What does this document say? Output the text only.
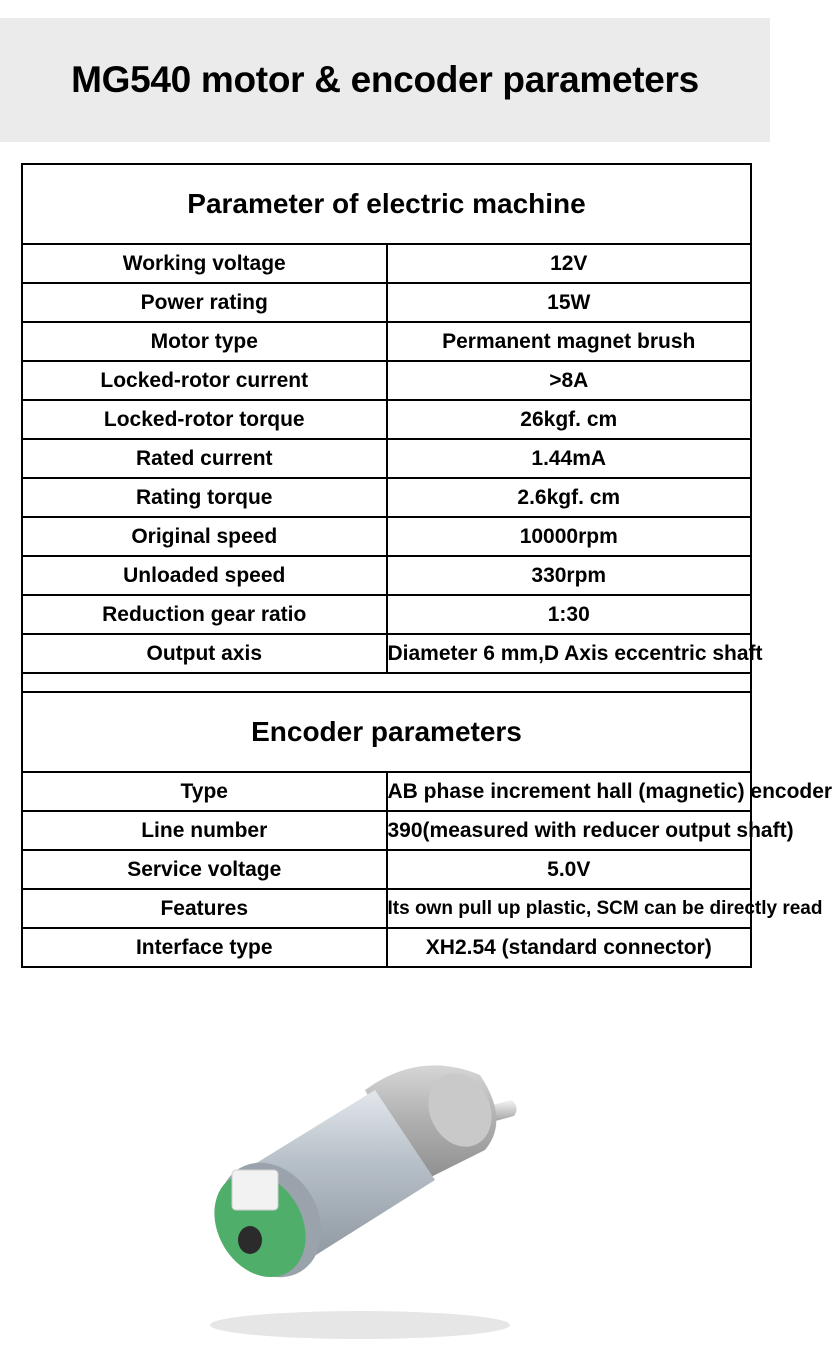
MG540 motor & encoder parameters
Parameter of electric machine	
Working voltage	12V
Power rating	15W
Motor type	Permanent magnet brush
Locked-rotor current	>8A
Locked-rotor torque	26kgf. cm
Rated current	1.44mA
Rating torque	2.6kgf. cm
Original speed	10000rpm
Unloaded speed	330rpm
Reduction gear ratio	1:30
Output axis	Diameter 6 mm,D Axis eccentric shaft

Encoder parameters	
Type	AB phase increment hall (magnetic) encoder
Line number	390(measured with reducer output shaft)
Service voltage	5.0V
Features	Its own pull up plastic, SCM can be directly read
Interface type	XH2.54 (standard connector)
